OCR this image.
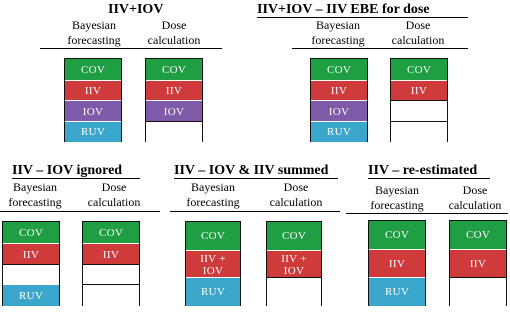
IIV+IOV
Bayesian
forecasting
Dose
calculation
COV
IIV
IOV
RUV
COV
IIV
IOV
IIV+IOV – IIV EBE for dose
Bayesian
forecasting
Dose
calculation
COV
IIV
IOV
RUV
COV
IIV
IIV – IOV ignored
Bayesian
forecasting
Dose
calculation
COV
IIV
RUV
COV
IIV
IIV – IOV & IIV summed
Bayesian
forecasting
Dose
calculation
COV
IIV +
IOV
RUV
COV
IIV +
IOV
IIV – re-estimated
Bayesian
forecasting
Dose
calculation
COV
IIV
RUV
COV
IIV
